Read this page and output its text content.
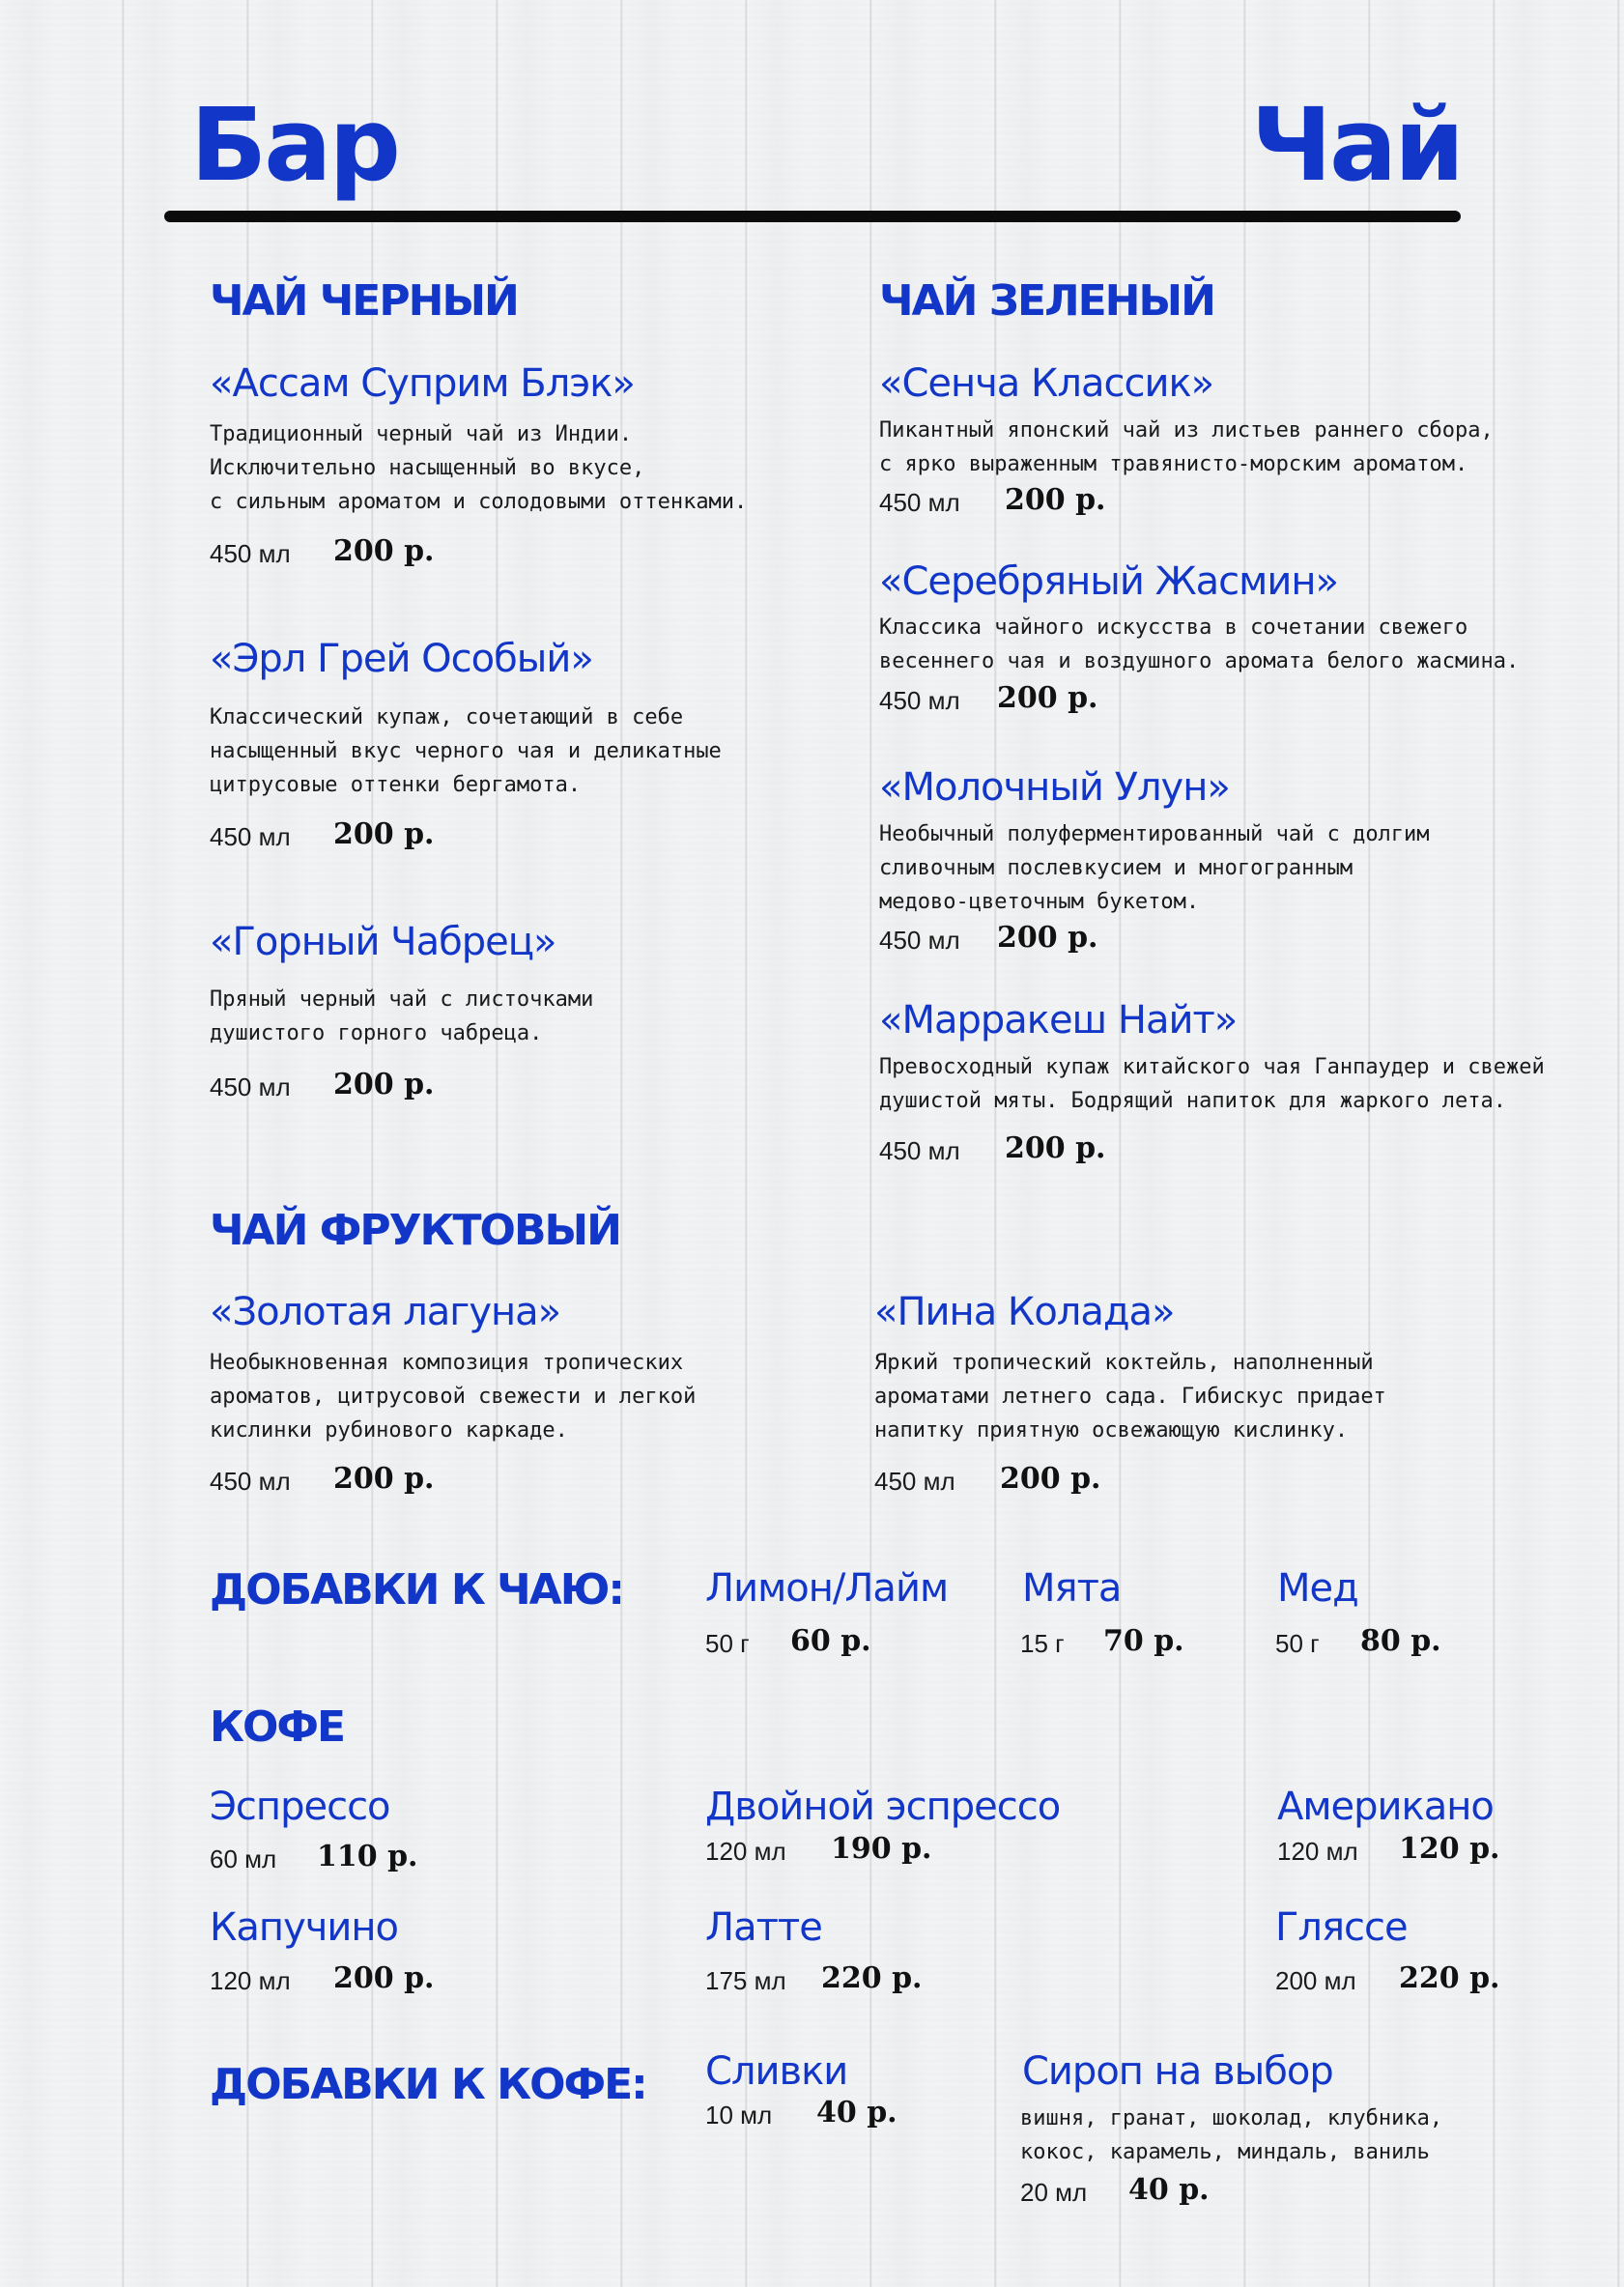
Бар	Чай
ЧАЙ ЧЕРНЫЙ
«Ассам Суприм Блэк»
Традиционный черный чай из Индии.
Исключительно насыщенный во вкусе,
с сильным ароматом и солодовыми оттенками.
450 мл 200 р.
«Эрл Грей Особый»
Классический купаж, сочетающий в себе
насыщенный вкус черного чая и деликатные
цитрусовые оттенки бергамота.
450 мл 200 р.
«Горный Чабрец»
Пряный черный чай с листочками
душистого горного чабреца.
450 мл 200 р.
ЧАЙ ЗЕЛЕНЫЙ
«Сенча Классик»
Пикантный японский чай из листьев раннего сбора,
с ярко выраженным травянисто-морским ароматом.
450 мл 200 р.
«Серебряный Жасмин»
Классика чайного искусства в сочетании свежего
весеннего чая и воздушного аромата белого жасмина.
450 мл 200 р.
«Молочный Улун»
Необычный полуферментированный чай с долгим
сливочным послевкусием и многогранным
медово-цветочным букетом.
450 мл 200 р.
«Марракеш Найт»
Превосходный купаж китайского чая Ганпаудер и свежей
душистой мяты. Бодрящий напиток для жаркого лета.
450 мл 200 р.
ЧАЙ ФРУКТОВЫЙ
«Золотая лагуна»
Необыкновенная композиция тропических
ароматов, цитрусовой свежести и легкой
кислинки рубинового каркаде.
450 мл 200 р.
«Пина Колада»
Яркий тропический коктейль, наполненный
ароматами летнего сада. Гибискус придает
напитку приятную освежающую кислинку.
450 мл 200 р.
ДОБАВКИ К ЧАЮ: Лимон/Лайм
50 г 60 р.
Мята
15 г 70 р.
Мед
50 г 80 р.
КОФЕ
Эспрессо
60 мл 110 р.
Двойной эспрессо
120 мл 190 р.
Американо
120 мл 120 р.
Капучино
120 мл 200 р.
Латте
175 мл 220 р.
Гляссе
200 мл 220 р.
ДОБАВКИ К КОФЕ: Сливки
10 мл 40 р.
Сироп на выбор
вишня, гранат, шоколад, клубника,
кокос, карамель, миндаль, ваниль
20 мл 40 р.
